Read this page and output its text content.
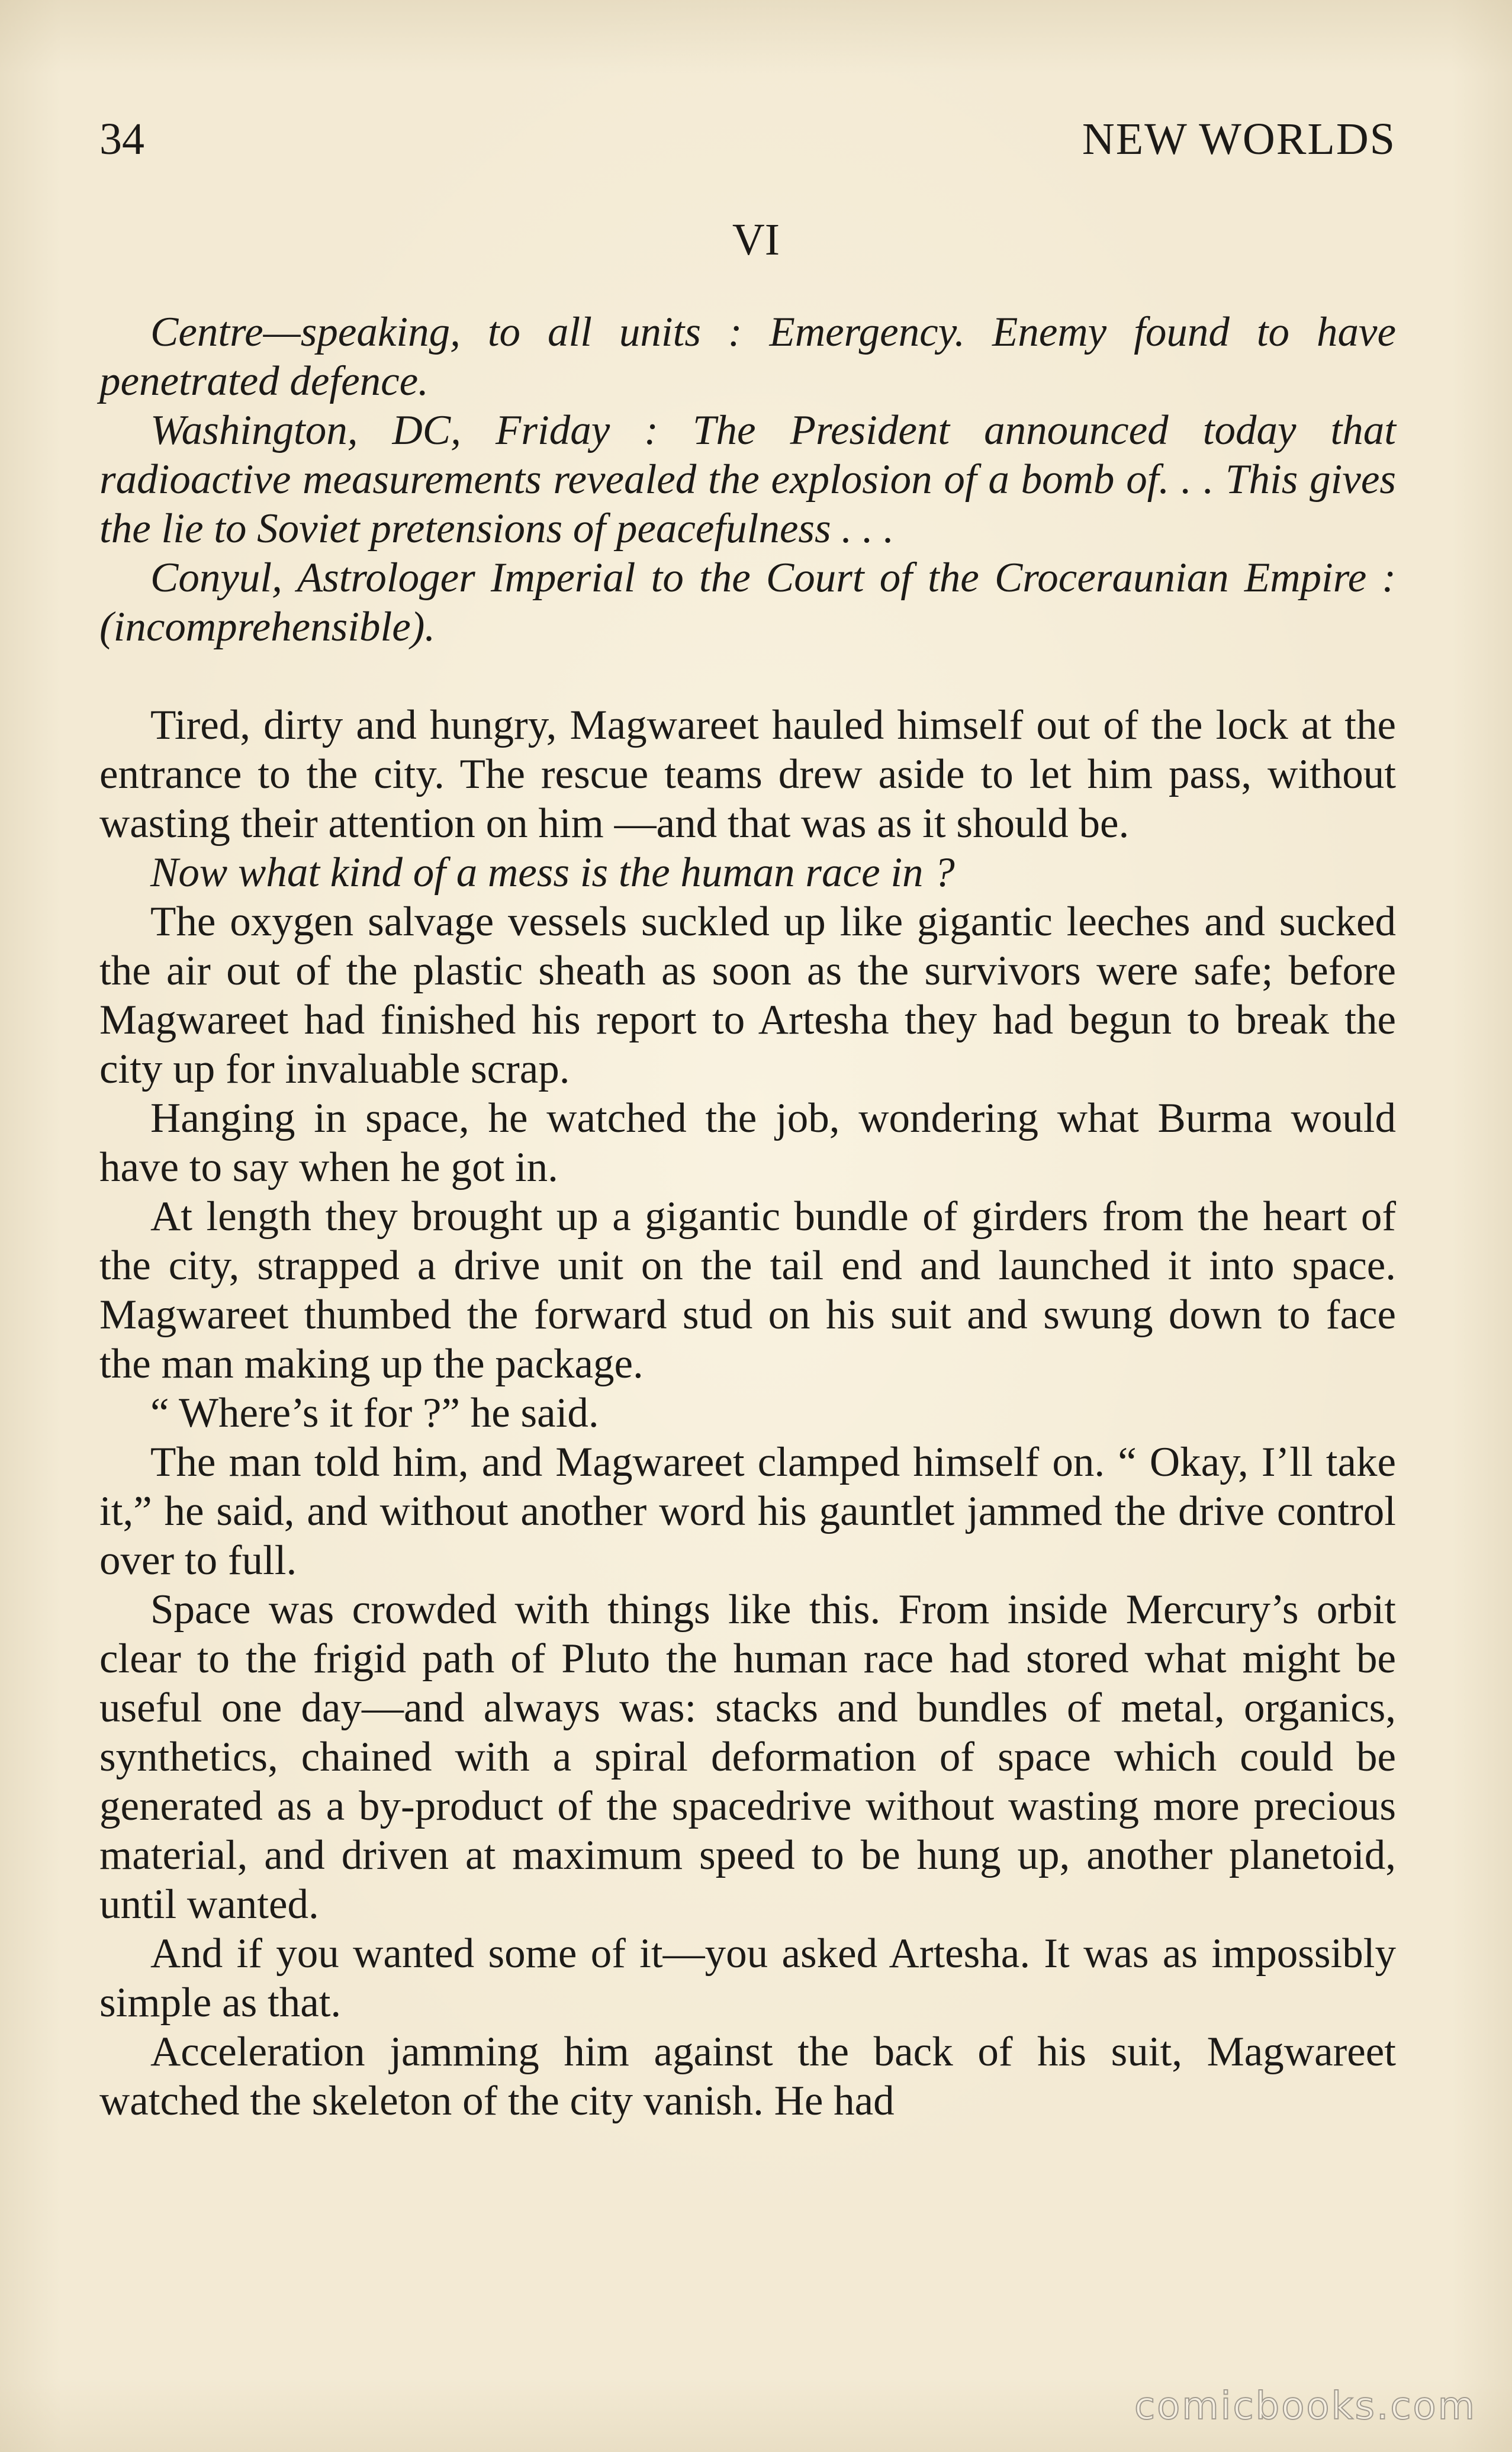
34	NEW WORLDS
VI

Centre—speaking, to all units : Emergency. Enemy found to have penetrated defence.

Washington, DC, Friday : The President announced today that radioactive measurements revealed the explosion of a bomb of. . . This gives the lie to Soviet pretensions of peacefulness . . .

Conyul, Astrologer Imperial to the Court of the Croceraunian Empire : (incomprehensible).

Tired, dirty and hungry, Magwareet hauled himself out of the lock at the entrance to the city. The rescue teams drew aside to let him pass, without wasting their attention on him —and that was as it should be.

Now what kind of a mess is the human race in ?

The oxygen salvage vessels suckled up like gigantic leeches and sucked the air out of the plastic sheath as soon as the survivors were safe; before Magwareet had finished his report to Artesha they had begun to break the city up for invaluable scrap.

Hanging in space, he watched the job, wondering what Burma would have to say when he got in.

At length they brought up a gigantic bundle of girders from the heart of the city, strapped a drive unit on the tail end and launched it into space. Magwareet thumbed the forward stud on his suit and swung down to face the man making up the package.

“ Where’s it for ?” he said.

The man told him, and Magwareet clamped himself on. “ Okay, I’ll take it,” he said, and without another word his gauntlet jammed the drive control over to full.

Space was crowded with things like this. From inside Mercury’s orbit clear to the frigid path of Pluto the human race had stored what might be useful one day—and always was: stacks and bundles of metal, organics, synthetics, chained with a spiral deformation of space which could be generated as a by-product of the spacedrive without wasting more precious material, and driven at maximum speed to be hung up, another planetoid, until wanted.

And if you wanted some of it—you asked Artesha. It was as impossibly simple as that.

Acceleration jamming him against the back of his suit, Magwareet watched the skeleton of the city vanish. He had

comicbooks.com
